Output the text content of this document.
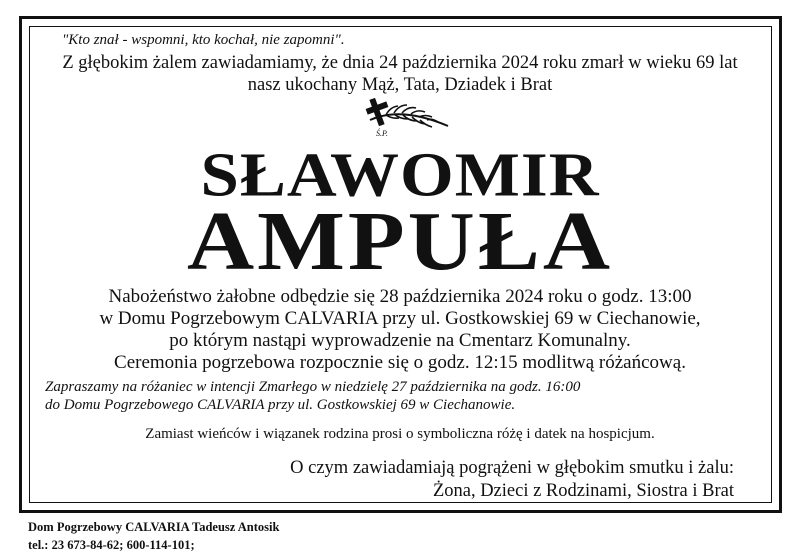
"Kto znał - wspomni, kto kochał, nie zapomni".
Z głębokim żalem zawiadamiamy, że dnia 24 października 2024 roku zmarł w wieku 69 lat
nasz ukochany Mąż, Tata, Dziadek i Brat
Ś.P.
SŁAWOMIR
AMPUŁA
Nabożeństwo żałobne odbędzie się 28 października 2024 roku o godz. 13:00
w Domu Pogrzebowym CALVARIA przy ul. Gostkowskiej 69 w Ciechanowie,
po którym nastąpi wyprowadzenie na Cmentarz Komunalny.
Ceremonia pogrzebowa rozpocznie się o godz. 12:15 modlitwą różańcową.
Zapraszamy na różaniec w intencji Zmarłego w niedzielę 27 października na godz. 16:00
do Domu Pogrzebowego CALVARIA przy ul. Gostkowskiej 69 w Ciechanowie.
Zamiast wieńców i wiązanek rodzina prosi o symboliczna różę i datek na hospicjum.
O czym zawiadamiają pogrążeni w głębokim smutku i żalu:
Żona, Dzieci z Rodzinami, Siostra i Brat
Dom Pogrzebowy CALVARIA Tadeusz Antosik
tel.: 23 673-84-62; 600-114-101;
